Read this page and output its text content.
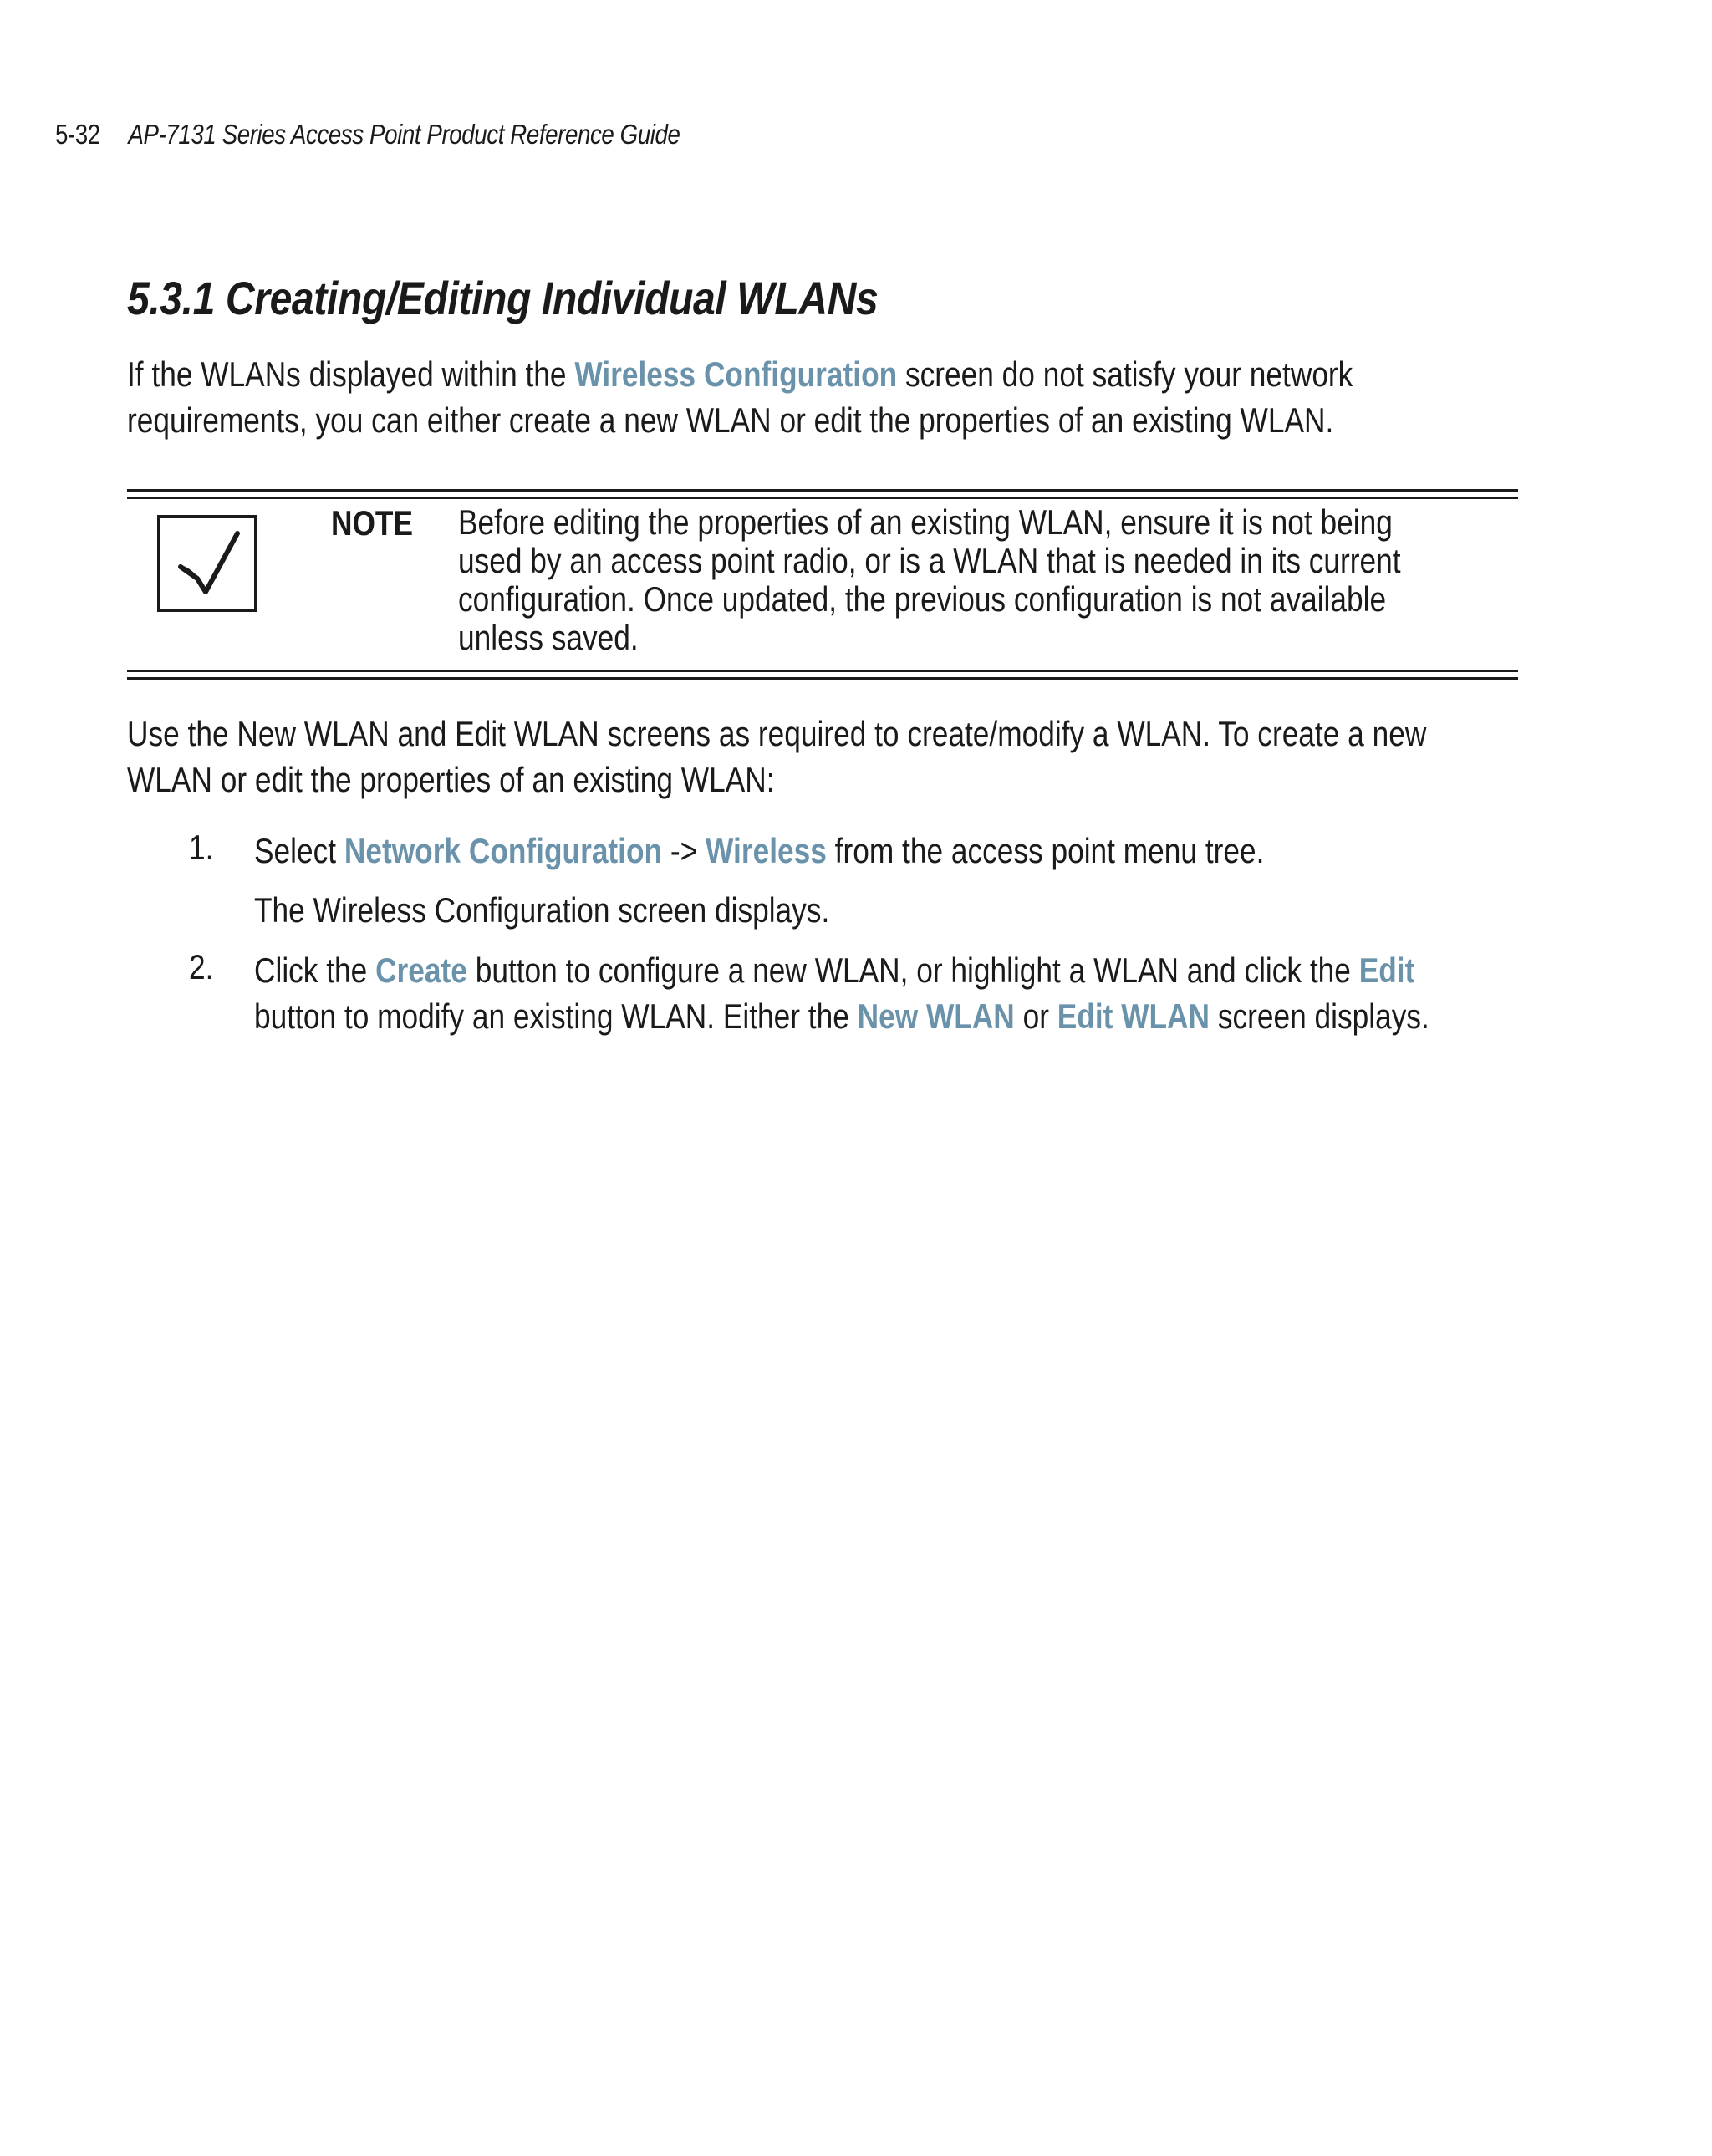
5-32 AP-7131 Series Access Point Product Reference Guide
5.3.1 Creating/Editing Individual WLANs

If the WLANs displayed within the Wireless Configuration screen do not satisfy your network
requirements, you can either create a new WLAN or edit the properties of an existing WLAN.

NOTE Before editing the properties of an existing WLAN, ensure it is not being
used by an access point radio, or is a WLAN that is needed in its current
configuration. Once updated, the previous configuration is not available
unless saved.

Use the New WLAN and Edit WLAN screens as required to create/modify a WLAN. To create a new
WLAN or edit the properties of an existing WLAN:

1. Select Network Configuration -> Wireless from the access point menu tree.

The Wireless Configuration screen displays.

2. Click the Create button to configure a new WLAN, or highlight a WLAN and click the Edit
button to modify an existing WLAN. Either the New WLAN or Edit WLAN screen displays.
